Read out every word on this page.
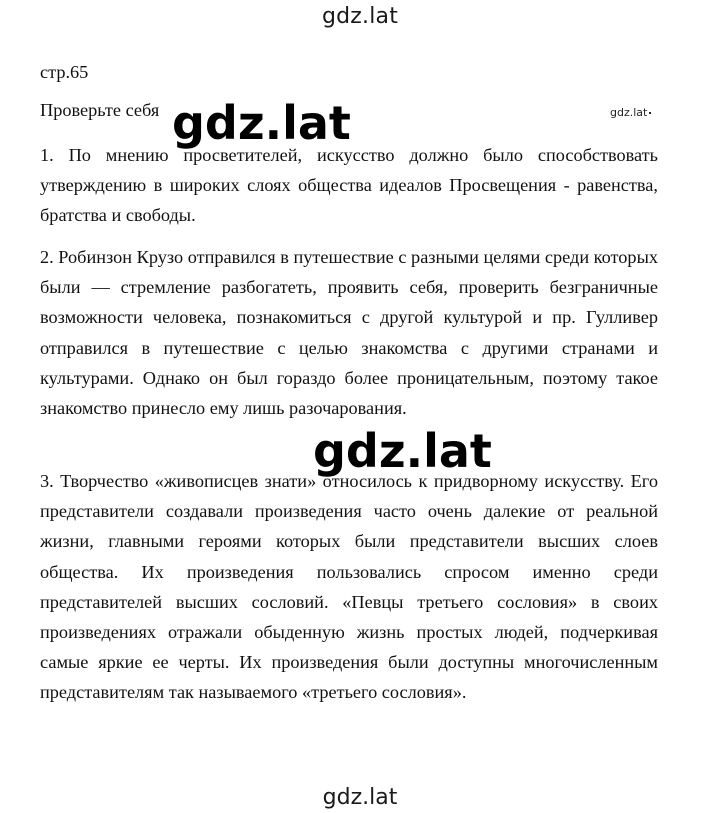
gdz.lat
стр.65
Проверьте себя

1. По мнению просветителей, искусство должно было способствовать утверждению в широких слоях общества идеалов Просвещения - равенства, братства и свободы.

2. Робинзон Крузо отправился в путешествие с разными целями среди которых были — стремление разбогатеть, проявить себя, проверить безграничные возможности человека, познакомиться с другой культурой и пр. Гулливер отправился в путешествие с целью знакомства с другими странами и культурами. Однако он был гораздо более проницательным, поэтому такое знакомство принесло ему лишь разочарования.

3. Творчество «живописцев знати» относилось к придворному искусству. Его представители создавали произведения часто очень далекие от реальной жизни, главными героями которых были представители высших слоев общества. Их произведения пользовались спросом именно среди представителей высших сословий. «Певцы третьего сословия» в своих произведениях отражали обыденную жизнь простых людей, подчеркивая самые яркие ее черты. Их произведения были доступны многочисленным представителям так называемого «третьего сословия».

gdz.lat
gdz.lat
gdz.lat
gdz.lat
